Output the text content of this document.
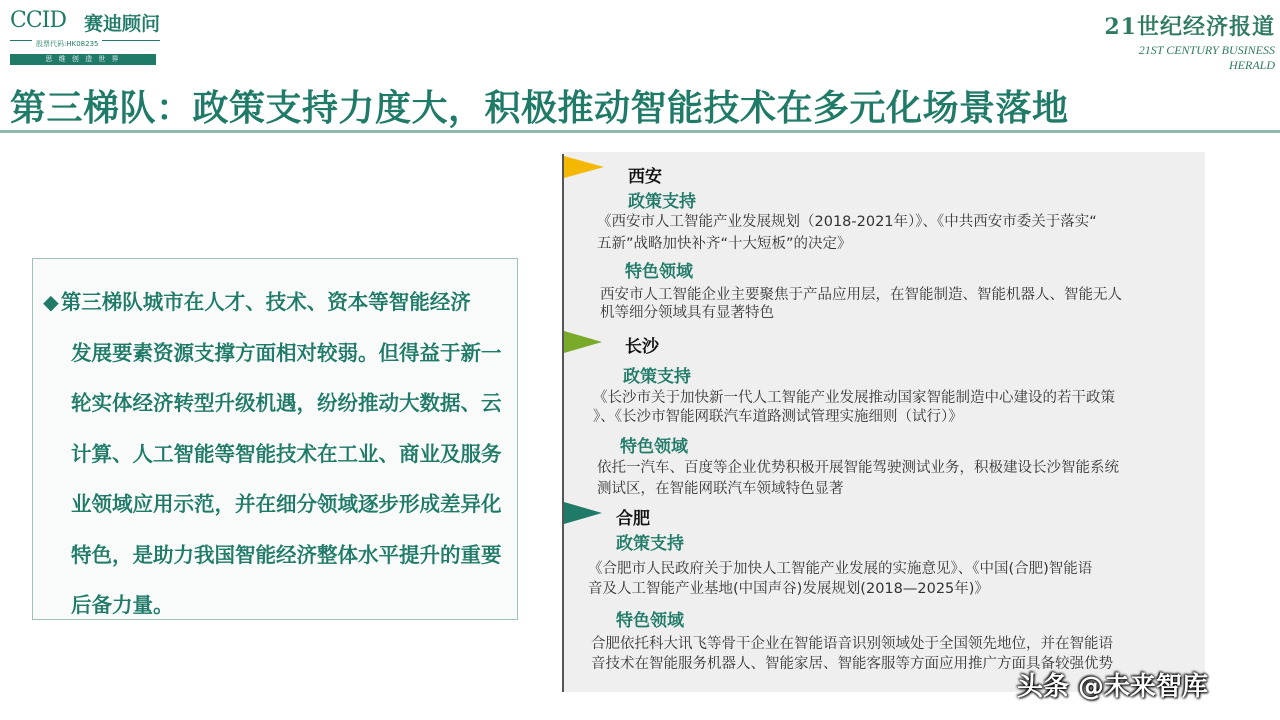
CCID 赛迪顾问
股票代码:HK08235
思 维 创 造 世 界
21世纪经济报道
21ST CENTURY BUSINESS HERALD
第三梯队：政策支持力度大，积极推动智能技术在多元化场景落地
◆第三梯队城市在人才、技术、资本等智能经济
发展要素资源支撑方面相对较弱。但得益于新一
轮实体经济转型升级机遇，纷纷推动大数据、云
计算、人工智能等智能技术在工业、商业及服务
业领域应用示范，并在细分领域逐步形成差异化
特色，是助力我国智能经济整体水平提升的重要
后备力量。
西安
政策支持
《西安市人工智能产业发展规划（2018-2021年）》、《中共西安市委关于落实“
五新”战略加快补齐“十大短板”的决定》
特色领域
西安市人工智能企业主要聚焦于产品应用层，在智能制造、智能机器人、智能无人
机等细分领域具有显著特色
长沙
政策支持
《长沙市关于加快新一代人工智能产业发展推动国家智能制造中心建设的若干政策
》、《长沙市智能网联汽车道路测试管理实施细则（试行）》
特色领域
依托一汽车、百度等企业优势积极开展智能驾驶测试业务，积极建设长沙智能系统
测试区，在智能网联汽车领域特色显著
合肥
政策支持
《合肥市人民政府关于加快人工智能产业发展的实施意见》、《中国(合肥)智能语
音及人工智能产业基地(中国声谷)发展规划(2018—2025年)》
特色领域
合肥依托科大讯飞等骨干企业在智能语音识别领域处于全国领先地位，并在智能语
音技术在智能服务机器人、智能家居、智能客服等方面应用推广方面具备较强优势
头条 @未来智库
